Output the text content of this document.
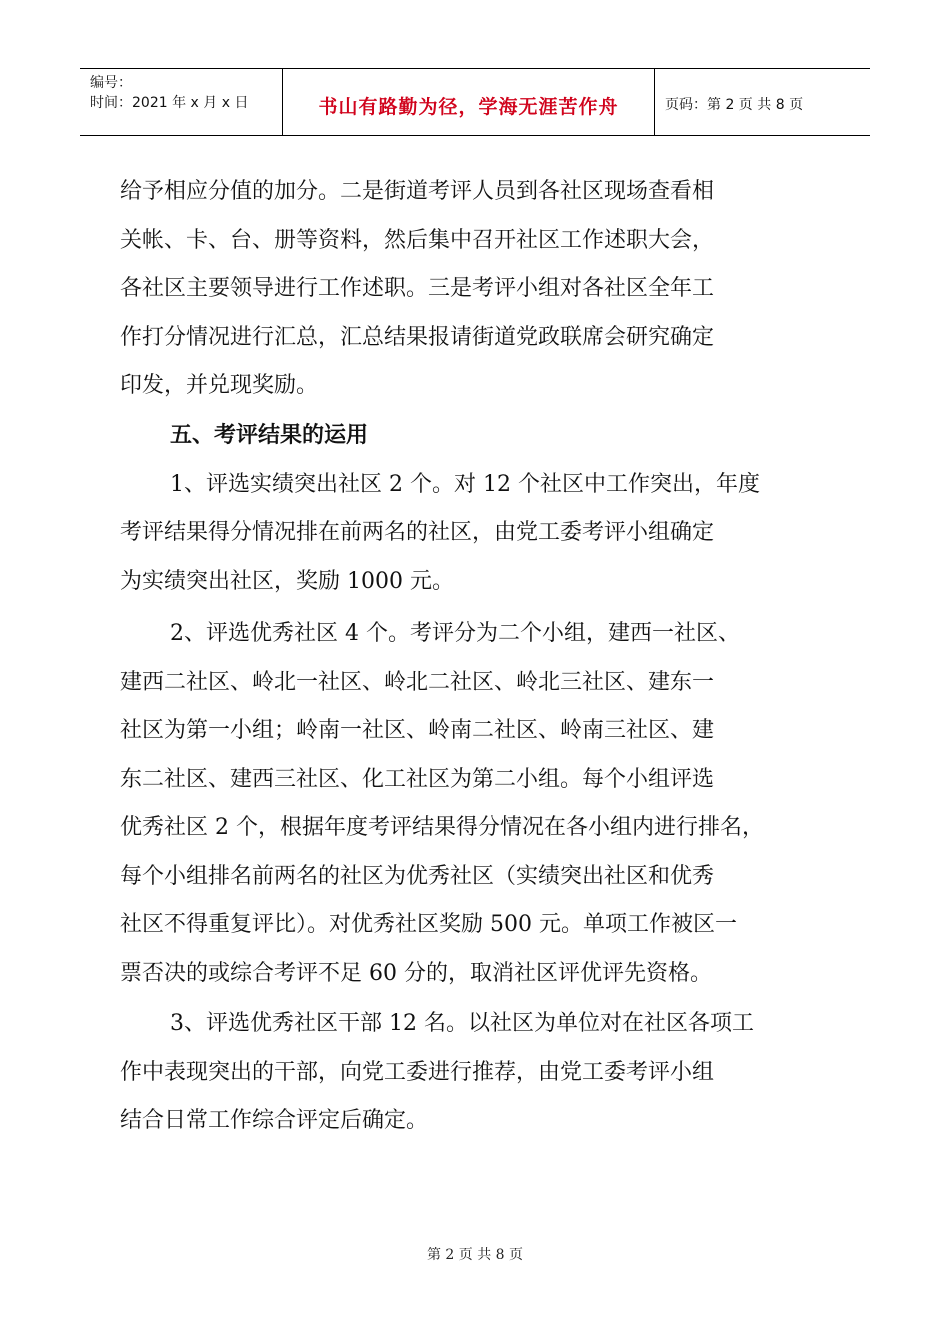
编号：
时间：2021 年 x 月 x 日	书山有路勤为径，学海无涯苦作舟	页码：第 2 页 共 8 页

给予相应分值的加分。二是街道考评人员到各社区现场查看相
关帐、卡、台、册等资料，然后集中召开社区工作述职大会，
各社区主要领导进行工作述职。三是考评小组对各社区全年工
作打分情况进行汇总，汇总结果报请街道党政联席会研究确定
印发，并兑现奖励。

五、考评结果的运用

1、评选实绩突出社区 2 个。对 12 个社区中工作突出，年度
考评结果得分情况排在前两名的社区，由党工委考评小组确定
为实绩突出社区，奖励 1000 元。

2、评选优秀社区 4 个。考评分为二个小组，建西一社区、
建西二社区、岭北一社区、岭北二社区、岭北三社区、建东一
社区为第一小组；岭南一社区、岭南二社区、岭南三社区、建
东二社区、建西三社区、化工社区为第二小组。每个小组评选
优秀社区 2 个，根据年度考评结果得分情况在各小组内进行排名，
每个小组排名前两名的社区为优秀社区（实绩突出社区和优秀
社区不得重复评比）。对优秀社区奖励 500 元。单项工作被区一
票否决的或综合考评不足 60 分的，取消社区评优评先资格。

3、评选优秀社区干部 12 名。以社区为单位对在社区各项工
作中表现突出的干部，向党工委进行推荐，由党工委考评小组
结合日常工作综合评定后确定。

第 2 页 共 8 页
